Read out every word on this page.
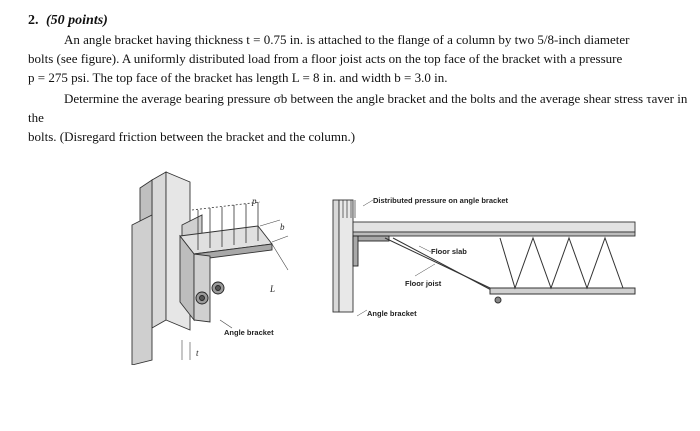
2. (50 points)

An angle bracket having thickness t = 0.75 in. is attached to the flange of a column by two 5/8-inch diameter
bolts (see figure). A uniformly distributed load from a floor joist acts on the top face of the bracket with a pressure
p = 275 psi. The top face of the bracket has length L = 8 in. and width b = 3.0 in.

Determine the average bearing pressure σb between the angle bracket and the bolts and the average shear stress τaver in the
bolts. (Disregard friction between the bracket and the column.)

p
b
L
t
Angle bracket
Distributed pressure on angle bracket
Floor slab
Floor joist
Angle bracket
